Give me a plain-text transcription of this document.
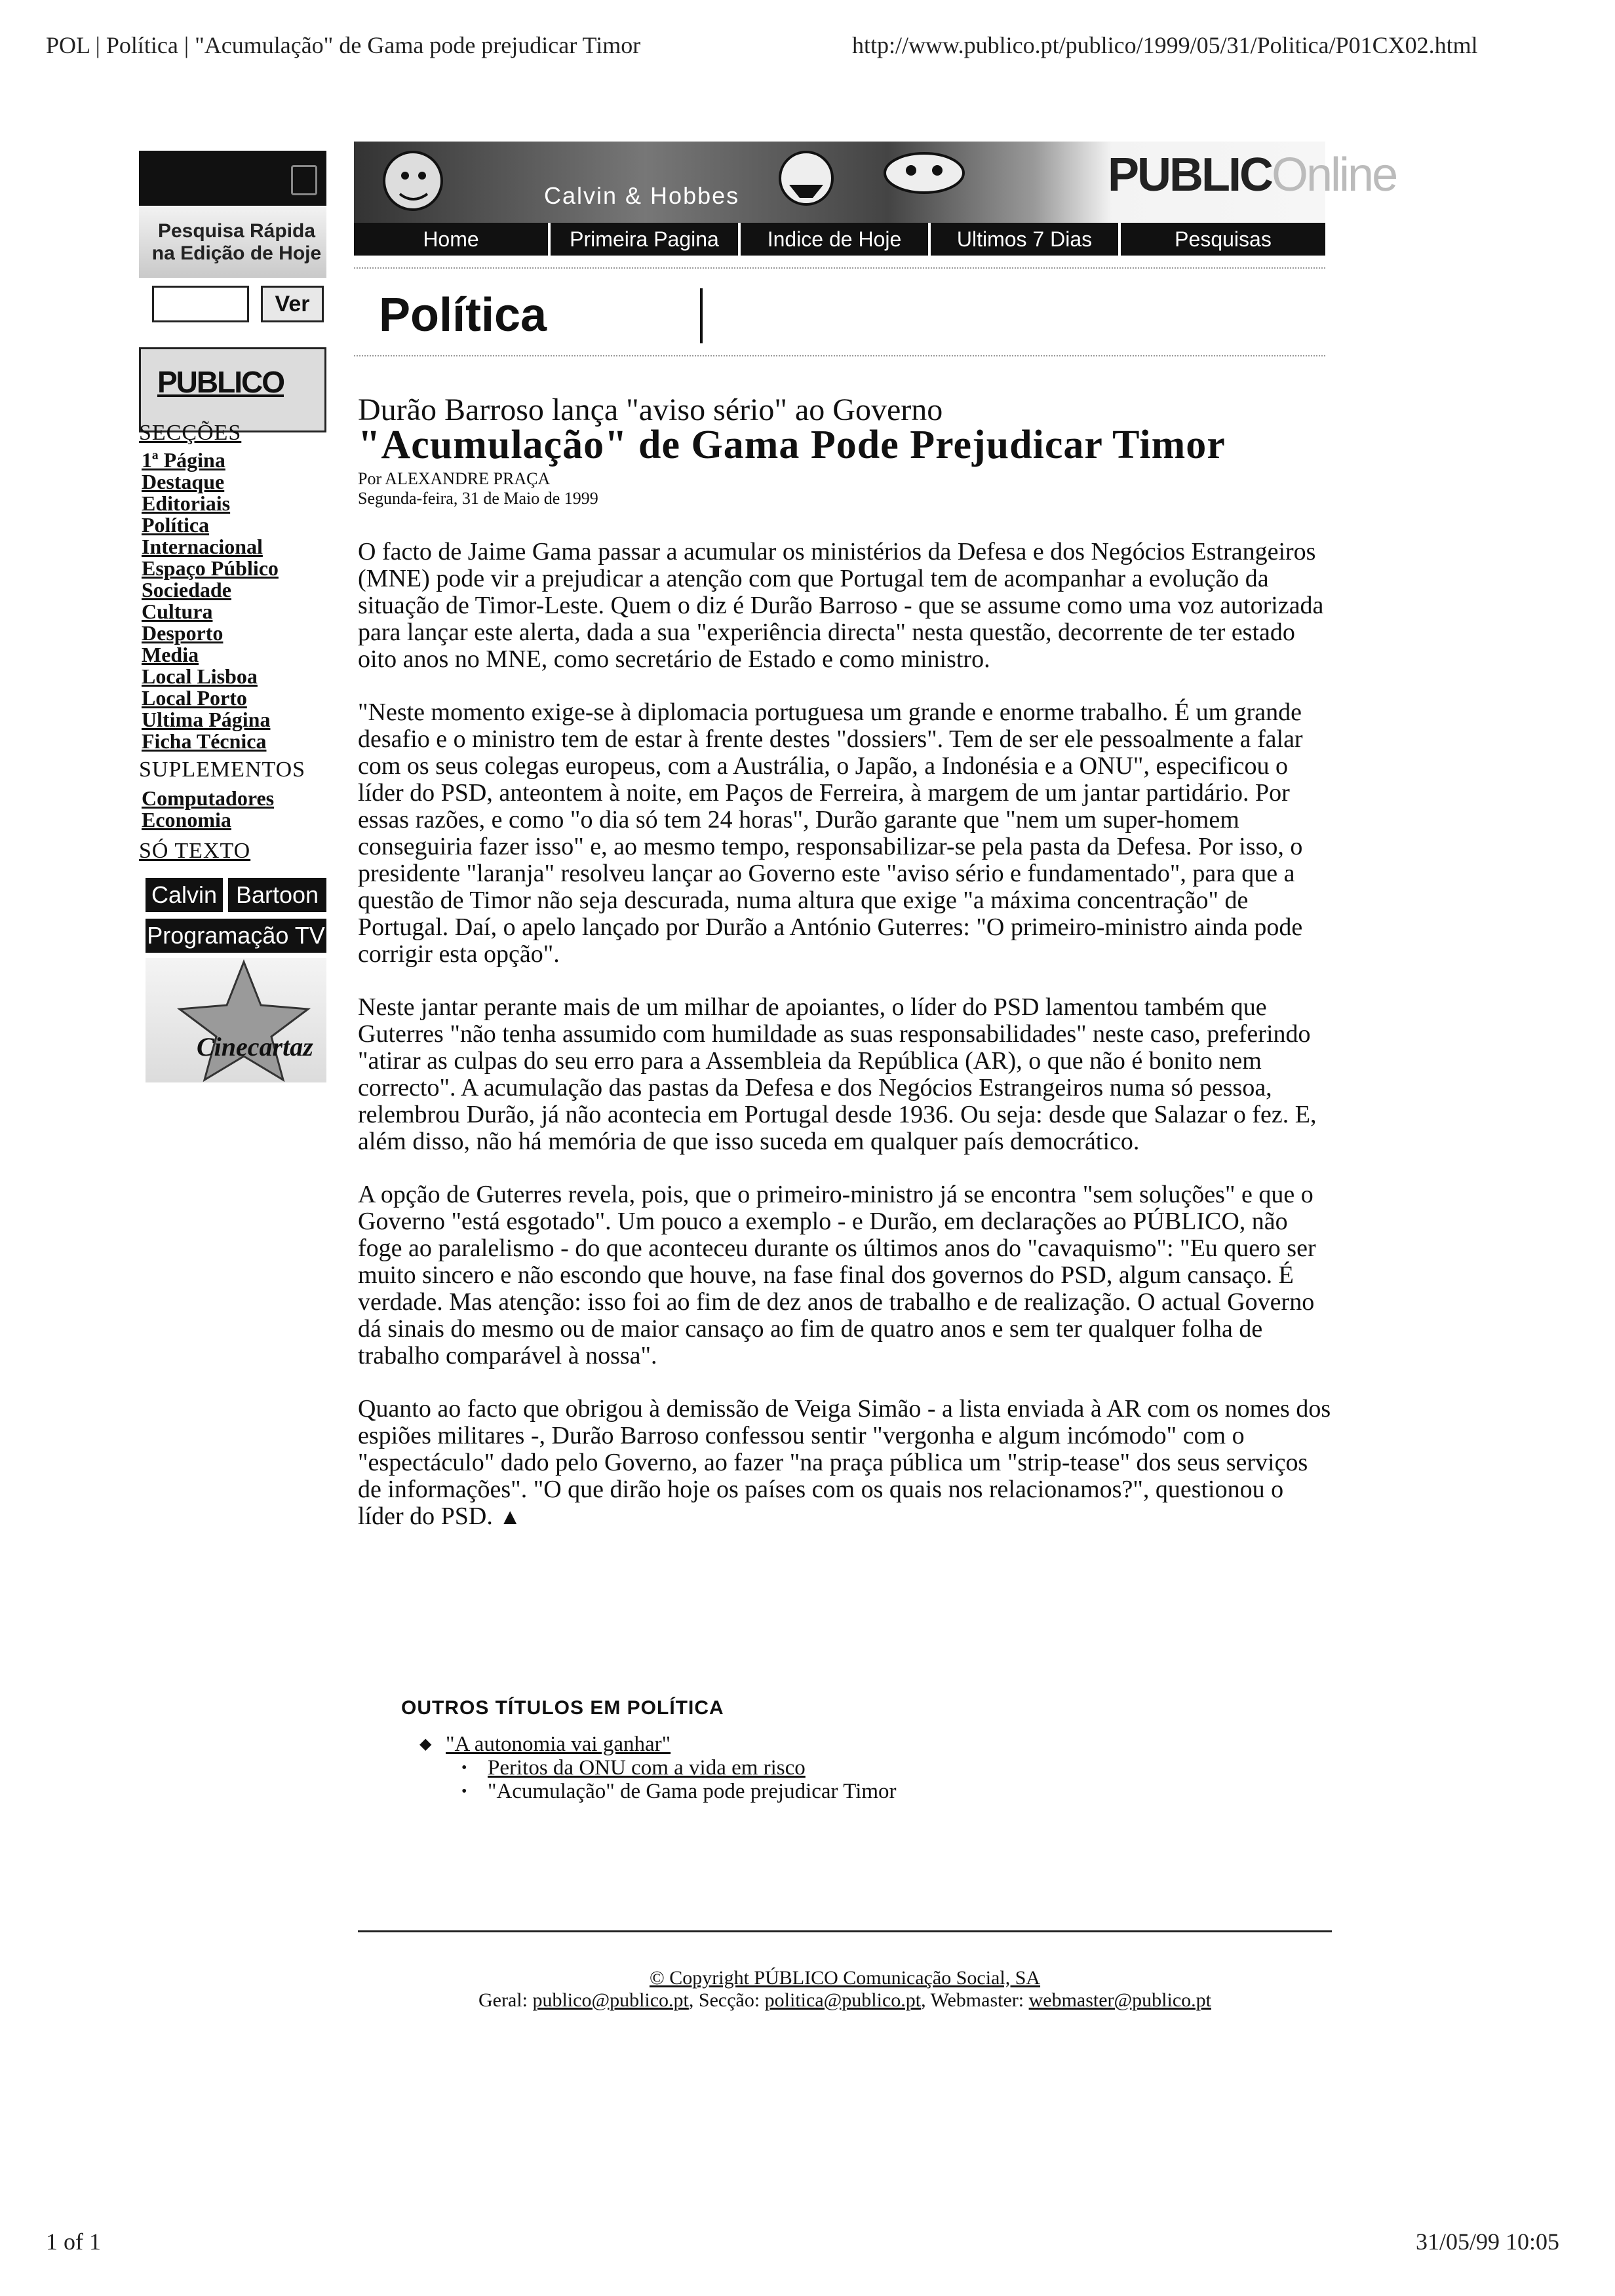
POL | Política | "Acumulação" de Gama pode prejudicar Timor	http://www.publico.pt/publico/1999/05/31/Politica/P01CX02.html
Pesquisa Rápida na Edição de Hoje
Ver
PUBLICO
SECÇÕES
1ª Página
Destaque
Editoriais
Política
Internacional
Espaço Público
Sociedade
Cultura
Desporto
Media
Local Lisboa
Local Porto
Ultima Página
Ficha Técnica
SUPLEMENTOS
Computadores
Economia
SÓ TEXTO
Calvin Bartoon
Programação TV
Cinecartaz
Calvin & Hobbes	PUBLICOnline
Home	Primeira Pagina	Indice de Hoje	Ultimos 7 Dias	Pesquisas
Política
Durão Barroso lança "aviso sério" ao Governo
"Acumulação" de Gama Pode Prejudicar Timor
Por ALEXANDRE PRAÇA
Segunda-feira, 31 de Maio de 1999

O facto de Jaime Gama passar a acumular os ministérios da Defesa e dos Negócios Estrangeiros (MNE) pode vir a prejudicar a atenção com que Portugal tem de acompanhar a evolução da situação de Timor-Leste. Quem o diz é Durão Barroso - que se assume como uma voz autorizada para lançar este alerta, dada a sua "experiência directa" nesta questão, decorrente de ter estado oito anos no MNE, como secretário de Estado e como ministro.

"Neste momento exige-se à diplomacia portuguesa um grande e enorme trabalho. É um grande desafio e o ministro tem de estar à frente destes "dossiers". Tem de ser ele pessoalmente a falar com os seus colegas europeus, com a Austrália, o Japão, a Indonésia e a ONU", especificou o líder do PSD, anteontem à noite, em Paços de Ferreira, à margem de um jantar partidário. Por essas razões, e como "o dia só tem 24 horas", Durão garante que "nem um super-homem conseguiria fazer isso" e, ao mesmo tempo, responsabilizar-se pela pasta da Defesa. Por isso, o presidente "laranja" resolveu lançar ao Governo este "aviso sério e fundamentado", para que a questão de Timor não seja descurada, numa altura que exige "a máxima concentração" de Portugal. Daí, o apelo lançado por Durão a António Guterres: "O primeiro-ministro ainda pode corrigir esta opção".

Neste jantar perante mais de um milhar de apoiantes, o líder do PSD lamentou também que Guterres "não tenha assumido com humildade as suas responsabilidades" neste caso, preferindo "atirar as culpas do seu erro para a Assembleia da República (AR), o que não é bonito nem correcto". A acumulação das pastas da Defesa e dos Negócios Estrangeiros numa só pessoa, relembrou Durão, já não acontecia em Portugal desde 1936. Ou seja: desde que Salazar o fez. E, além disso, não há memória de que isso suceda em qualquer país democrático.

A opção de Guterres revela, pois, que o primeiro-ministro já se encontra "sem soluções" e que o Governo "está esgotado". Um pouco a exemplo - e Durão, em declarações ao PÚBLICO, não foge ao paralelismo - do que aconteceu durante os últimos anos do "cavaquismo": "Eu quero ser muito sincero e não escondo que houve, na fase final dos governos do PSD, algum cansaço. É verdade. Mas atenção: isso foi ao fim de dez anos de trabalho e de realização. O actual Governo dá sinais do mesmo ou de maior cansaço ao fim de quatro anos e sem ter qualquer folha de trabalho comparável à nossa".

Quanto ao facto que obrigou à demissão de Veiga Simão - a lista enviada à AR com os nomes dos espiões militares -, Durão Barroso confessou sentir "vergonha e algum incómodo" com o "espectáculo" dado pelo Governo, ao fazer "na praça pública um "strip-tease" dos seus serviços de informações". "O que dirão hoje os países com os quais nos relacionamos?", questionou o líder do PSD. ▲

OUTROS TÍTULOS EM POLÍTICA
◆ "A autonomia vai ganhar"
• Peritos da ONU com a vida em risco
• "Acumulação" de Gama pode prejudicar Timor
© Copyright PÚBLICO Comunicação Social, SA
Geral: publico@publico.pt, Secção: politica@publico.pt, Webmaster: webmaster@publico.pt
1 of 1	31/05/99 10:05
